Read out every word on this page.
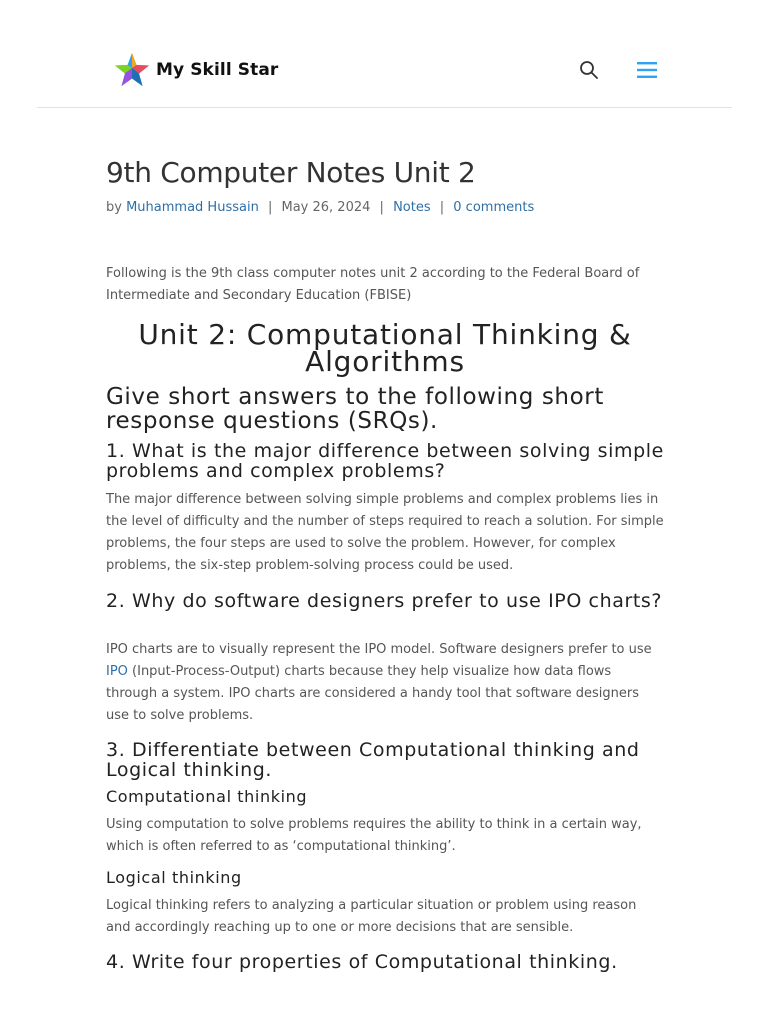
My Skill Star
9th Computer Notes Unit 2
by Muhammad Hussain | May 26, 2024 | Notes | 0 comments

Following is the 9th class computer notes unit 2 according to the Federal Board of Intermediate and Secondary Education (FBISE)

Unit 2: Computational Thinking & Algorithms
Give short answers to the following short response questions (SRQs).
1. What is the major difference between solving simple problems and complex problems?

The major difference between solving simple problems and complex problems lies in the level of difficulty and the number of steps required to reach a solution. For simple problems, the four steps are used to solve the problem. However, for complex problems, the six-step problem-solving process could be used.

2. Why do software designers prefer to use IPO charts?

IPO charts are to visually represent the IPO model. Software designers prefer to use IPO (Input-Process-Output) charts because they help visualize how data flows through a system. IPO charts are considered a handy tool that software designers use to solve problems.

3. Differentiate between Computational thinking and Logical thinking.
Computational thinking

Using computation to solve problems requires the ability to think in a certain way, which is often referred to as ‘computational thinking’.

Logical thinking

Logical thinking refers to analyzing a particular situation or problem using reason and accordingly reaching up to one or more decisions that are sensible.

4. Write four properties of Computational thinking.
